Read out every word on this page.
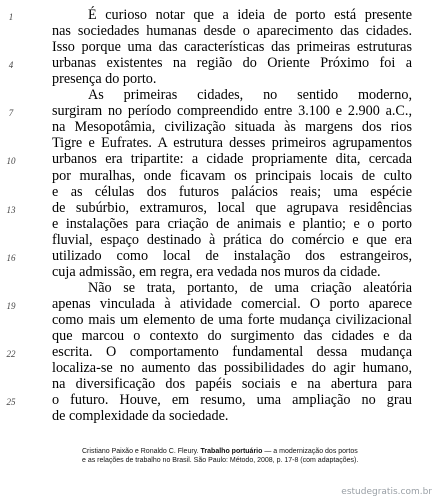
É curioso notar que a ideia de porto está presente
1
nas sociedades humanas desde o aparecimento das cidades.
Isso porque uma das características das primeiras estruturas
urbanas existentes na região do Oriente Próximo foi a
4
presença do porto.
As primeiras cidades, no sentido moderno,
surgiram no período compreendido entre 3.100 e 2.900 a.C.,
7
na Mesopotâmia, civilização situada às margens dos rios
Tigre e Eufrates. A estrutura desses primeiros agrupamentos
urbanos era tripartite: a cidade propriamente dita, cercada
10
por muralhas, onde ficavam os principais locais de culto
e as células dos futuros palácios reais; uma espécie
de subúrbio, extramuros, local que agrupava residências
13
e instalações para criação de animais e plantio; e o porto
fluvial, espaço destinado à prática do comércio e que era
utilizado como local de instalação dos estrangeiros,
16
cuja admissão, em regra, era vedada nos muros da cidade.
Não se trata, portanto, de uma criação aleatória
apenas vinculada à atividade comercial. O porto aparece
19
como mais um elemento de uma forte mudança civilizacional
que marcou o contexto do surgimento das cidades e da
escrita. O comportamento fundamental dessa mudança
22
localiza-se no aumento das possibilidades do agir humano,
na diversificação dos papéis sociais e na abertura para
o futuro. Houve, em resumo, uma ampliação no grau
25
de complexidade da sociedade.
Cristiano Paixão e Ronaldo C. Fleury. Trabalho portuário — a modernização dos portos
e as relações de trabalho no Brasil. São Paulo: Método, 2008, p. 17-8 (com adaptações).
estudegratis.com.br
